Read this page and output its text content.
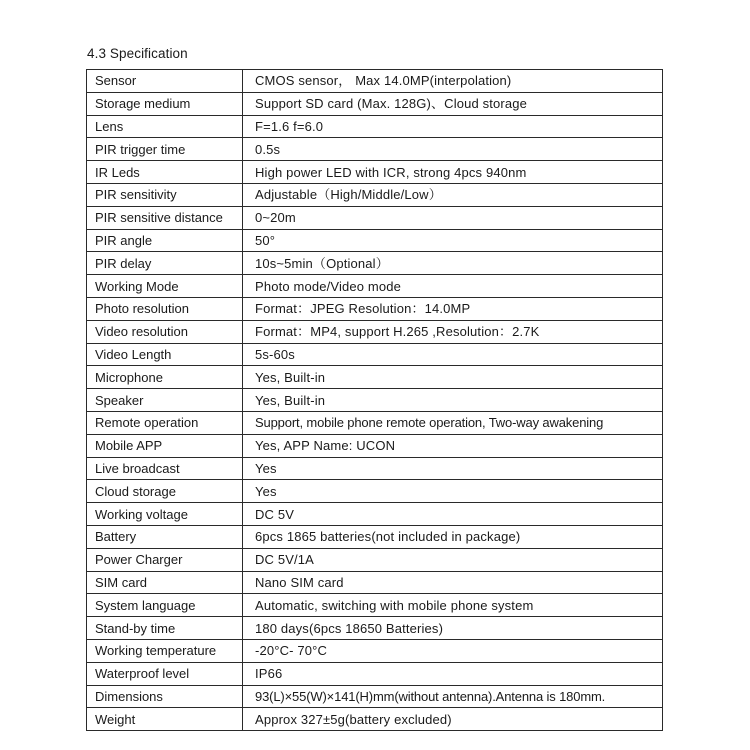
4.3 Specification
Sensor	CMOS sensor， Max 14.0MP(interpolation)
Storage medium	Support SD card (Max. 128G)、Cloud storage
Lens	F=1.6 f=6.0
PIR trigger time	0.5s
IR Leds	High power LED with ICR, strong 4pcs 940nm
PIR sensitivity	Adjustable（High/Middle/Low）
PIR sensitive distance	0~20m
PIR angle	50°
PIR delay	10s~5min（Optional）
Working Mode	Photo mode/Video mode
Photo resolution	Format：JPEG Resolution：14.0MP
Video resolution	Format：MP4, support H.265 ,Resolution：2.7K
Video Length	5s-60s
Microphone	Yes, Built-in
Speaker	Yes, Built-in
Remote operation	Support, mobile phone remote operation, Two-way awakening
Mobile APP	Yes, APP Name: UCON
Live broadcast	Yes
Cloud storage	Yes
Working voltage	DC 5V
Battery	6pcs 1865 batteries(not included in package)
Power Charger	DC 5V/1A
SIM card	Nano SIM card
System language	Automatic, switching with mobile phone system
Stand-by time	180 days(6pcs 18650 Batteries)
Working temperature	-20°C- 70°C
Waterproof level	IP66
Dimensions	93(L)×55(W)×141(H)mm(without antenna).Antenna is 180mm.
Weight	Approx 327±5g(battery excluded)
